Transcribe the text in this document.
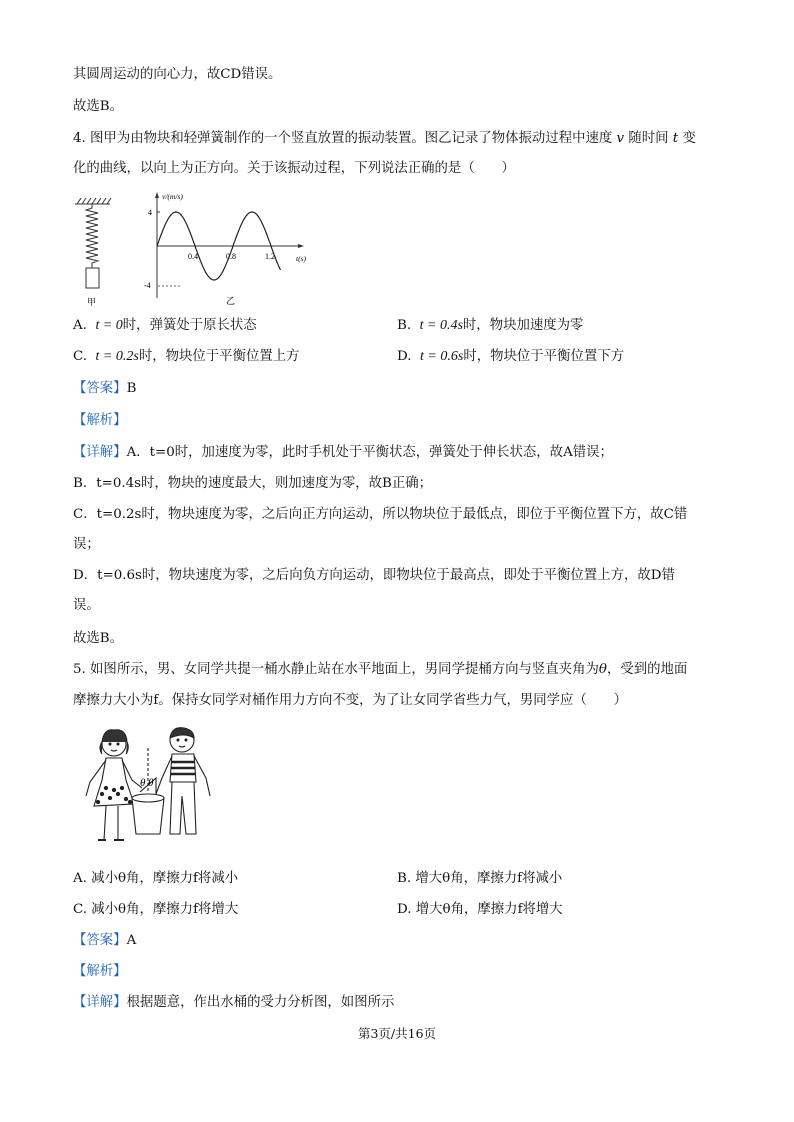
其圆周运动的向心力，故CD错误。
故选B。
4. 图甲为由物块和轻弹簧制作的一个竖直放置的振动装置。图乙记录了物体振动过程中速度 v 随时间 t 变
化的曲线，以向上为正方向。关于该振动过程，下列说法正确的是（　　）
甲
v/(m/s)
t(s)
4
-4
0.4	0.8	1.2
乙
A. t = 0时，弹簧处于原长状态	B. t = 0.4s时，物块加速度为零
C. t = 0.2s时，物块位于平衡位置上方	D. t = 0.6s时，物块位于平衡位置下方
【答案】B
【解析】
【详解】A．t=0时，加速度为零，此时手机处于平衡状态，弹簧处于伸长状态，故A错误；
B．t=0.4s时，物块的速度最大，则加速度为零，故B正确；
C．t=0.2s时，物块速度为零，之后向正方向运动，所以物块位于最低点，即位于平衡位置下方，故C错
误；
D．t=0.6s时，物块速度为零，之后向负方向运动，即物块位于最高点，即处于平衡位置上方，故D错
误。
故选B。
5. 如图所示，男、女同学共提一桶水静止站在水平地面上，男同学提桶方向与竖直夹角为θ，受到的地面
摩擦力大小为f。保持女同学对桶作用力方向不变，为了让女同学省些力气，男同学应（　　）
θ θ
A. 减小θ角，摩擦力f将减小	B. 增大θ角，摩擦力f将减小
C. 减小θ角，摩擦力f将增大	D. 增大θ角，摩擦力f将增大
【答案】A
【解析】
【详解】根据题意，作出水桶的受力分析图，如图所示
第3页/共16页
